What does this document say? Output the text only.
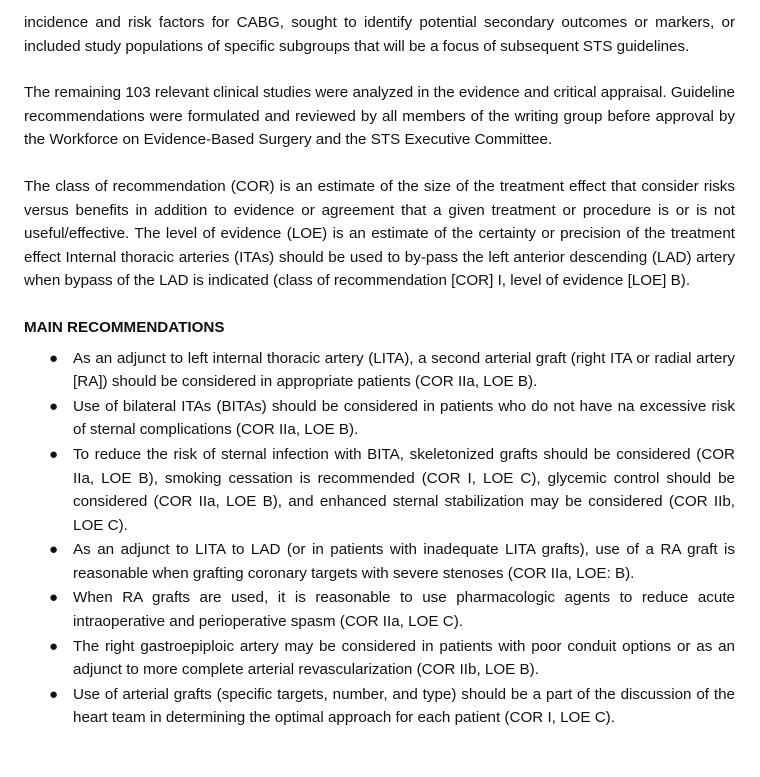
incidence and risk factors for CABG, sought to identify potential secondary outcomes or markers, or included study populations of specific subgroups that will be a focus of subsequent STS guidelines.

The remaining 103 relevant clinical studies were analyzed in the evidence and critical appraisal. Guideline recommendations were formulated and reviewed by all members of the writing group before approval by the Workforce on Evidence-Based Surgery and the STS Executive Committee.

The class of recommendation (COR) is an estimate of the size of the treatment effect that consider risks versus benefits in addition to evidence or agreement that a given treatment or procedure is or is not useful/effective. The level of evidence (LOE) is an estimate of the certainty or precision of the treatment effect Internal thoracic arteries (ITAs) should be used to by-pass the left anterior descending (LAD) artery when bypass of the LAD is indicated (class of recommendation [COR] I, level of evidence [LOE] B).

MAIN RECOMMENDATIONS
● As an adjunct to left internal thoracic artery (LITA), a second arterial graft (right ITA or radial artery [RA]) should be considered in appropriate patients (COR IIa, LOE B).
● Use of bilateral ITAs (BITAs) should be considered in patients who do not have na excessive risk of sternal complications (COR IIa, LOE B).
● To reduce the risk of sternal infection with BITA, skeletonized grafts should be considered (COR IIa, LOE B), smoking cessation is recommended (COR I, LOE C), glycemic control should be considered (COR IIa, LOE B), and enhanced sternal stabilization may be considered (COR IIb, LOE C).
● As an adjunct to LITA to LAD (or in patients with inadequate LITA grafts), use of a RA graft is reasonable when grafting coronary targets with severe stenoses (COR IIa, LOE: B).
● When RA grafts are used, it is reasonable to use pharmacologic agents to reduce acute intraoperative and perioperative spasm (COR IIa, LOE C).
● The right gastroepiploic artery may be considered in patients with poor conduit options or as an adjunct to more complete arterial revascularization (COR IIb, LOE B).
● Use of arterial grafts (specific targets, number, and type) should be a part of the discussion of the heart team in determining the optimal approach for each patient (COR I, LOE C).
